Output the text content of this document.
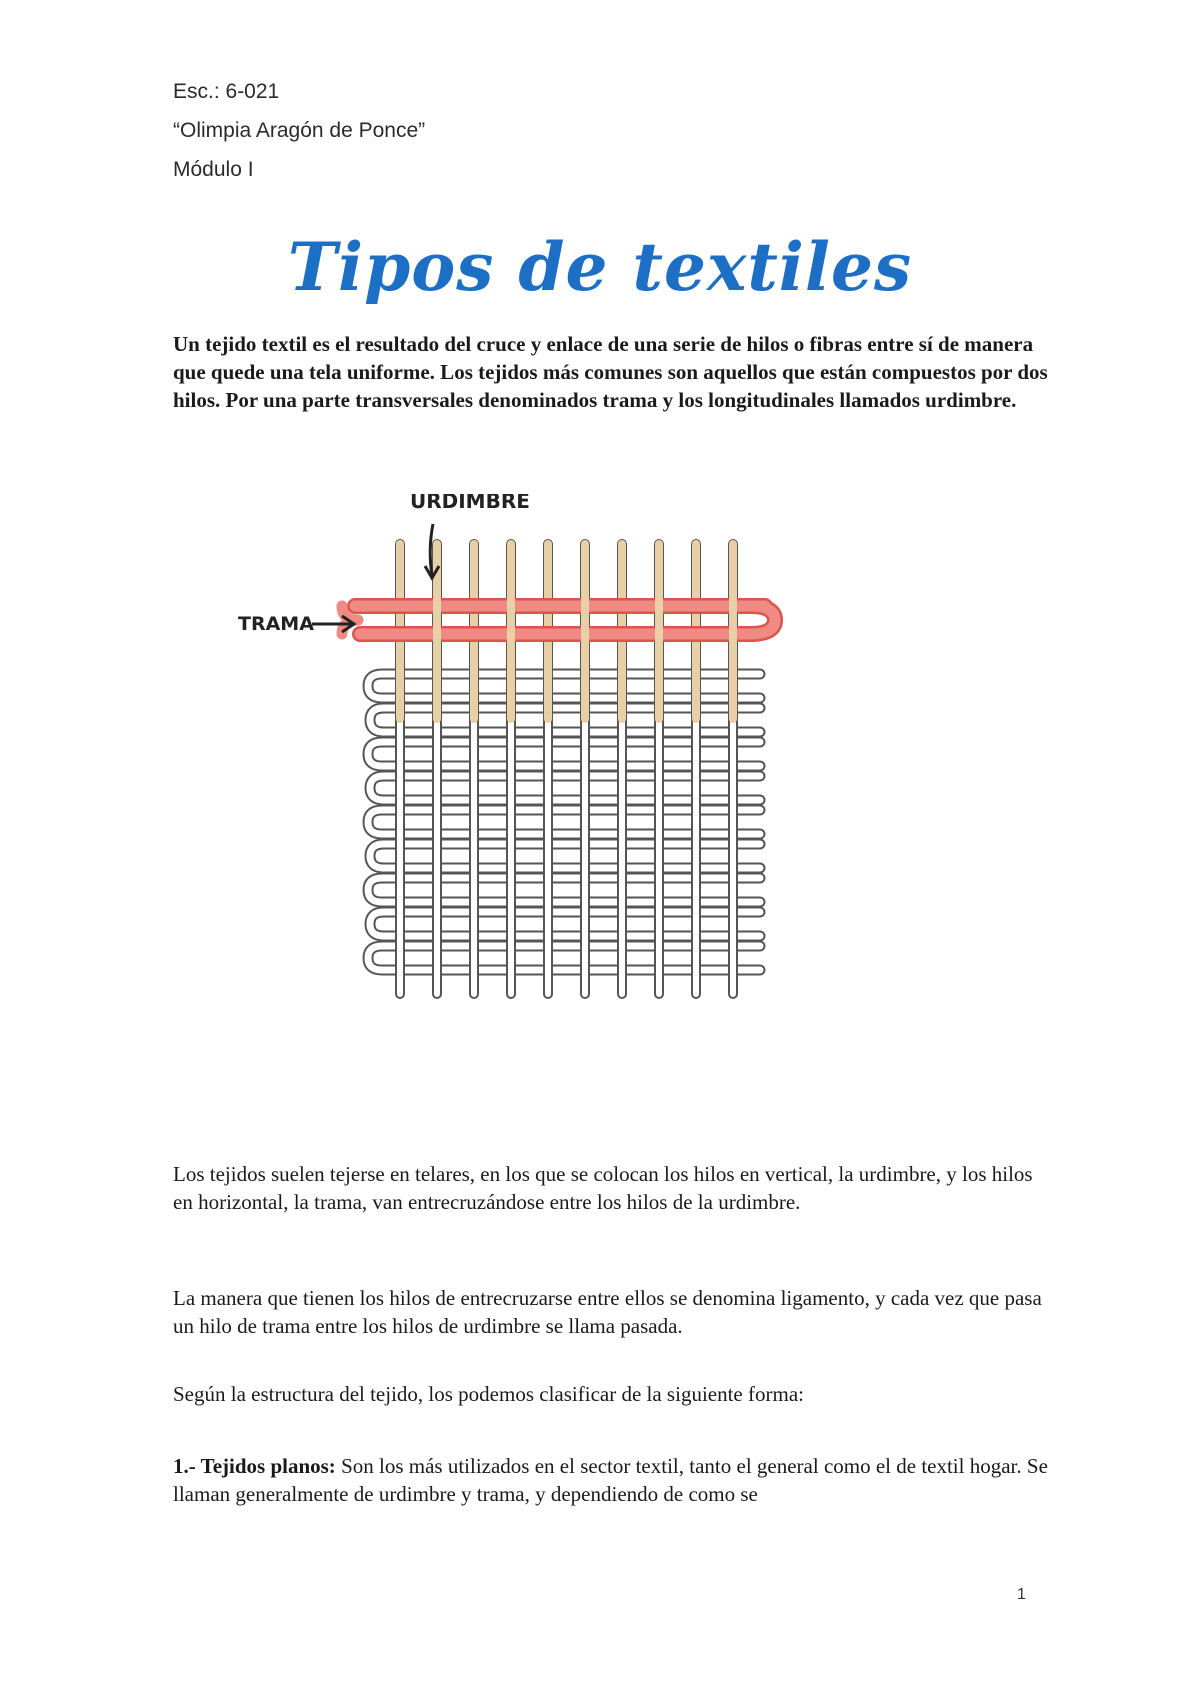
Esc.: 6-021

“Olimpia Aragón de Ponce”

Módulo I

Tipos de textiles

Un tejido textil es el resultado del cruce y enlace de una serie de hilos o fibras entre sí de manera que quede una tela uniforme. Los tejidos más comunes son aquellos que están compuestos por dos hilos. Por una parte transversales denominados trama y los longitudinales llamados urdimbre.

URDIMBRE
TRAMA

Los tejidos suelen tejerse en telares, en los que se colocan los hilos en vertical, la urdimbre, y los hilos en horizontal, la trama, van entrecruzándose entre los hilos de la urdimbre.

La manera que tienen los hilos de entrecruzarse entre ellos se denomina ligamento, y cada vez que pasa un hilo de trama entre los hilos de urdimbre se llama pasada.

Según la estructura del tejido, los podemos clasificar de la siguiente forma:

1.- Tejidos planos: Son los más utilizados en el sector textil, tanto el general como el de textil hogar. Se llaman generalmente de urdimbre y trama, y dependiendo de como se

1
